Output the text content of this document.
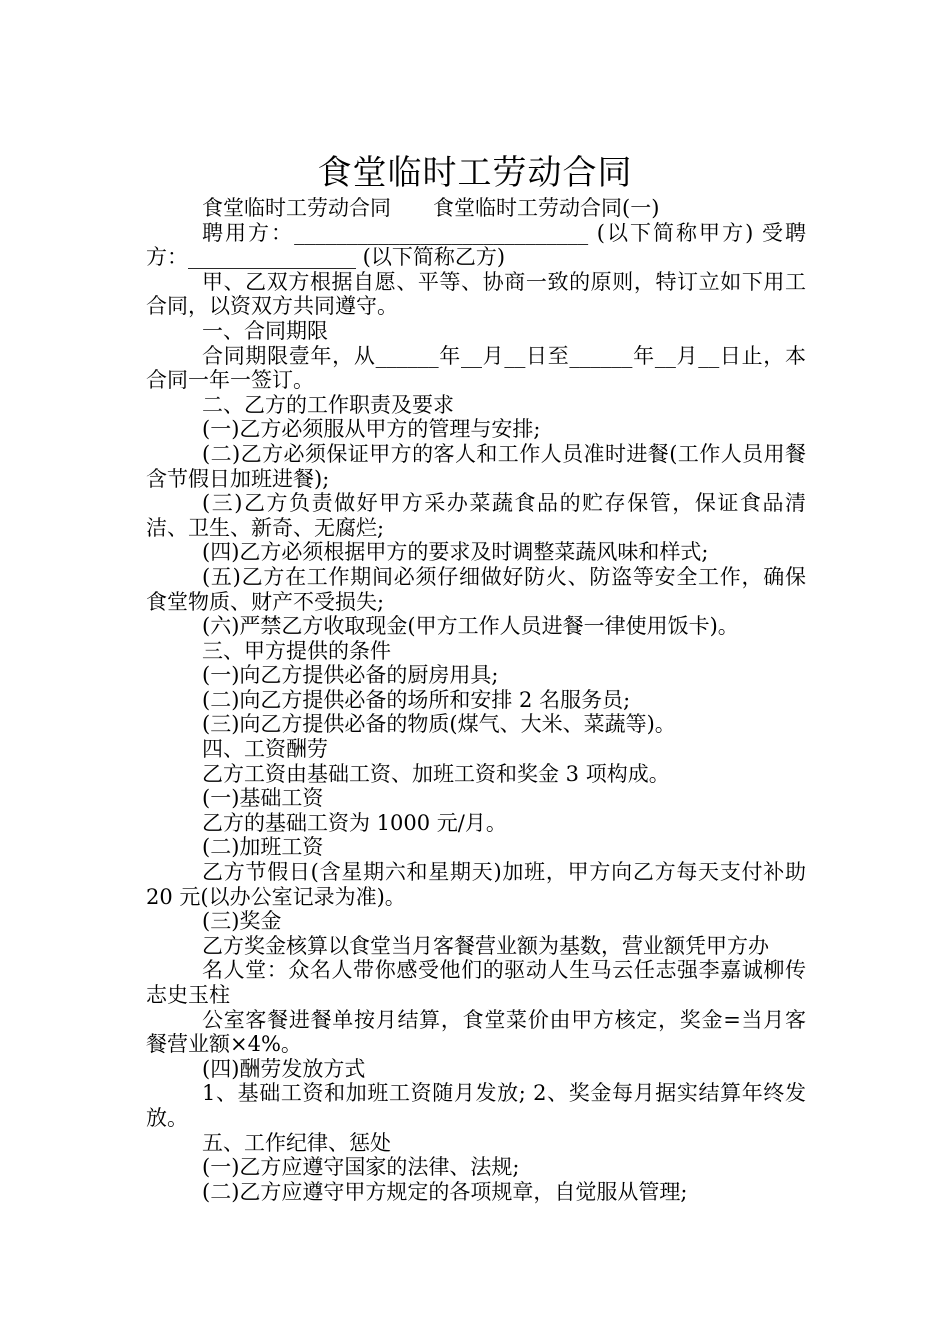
食堂临时工劳动合同

食堂临时工劳动合同　　食堂临时工劳动合同(一)

聘用方：____________________________ (以下简称甲方) 受聘方：________________ (以下简称乙方)

甲、乙双方根据自愿、平等、协商一致的原则，特订立如下用工合同，以资双方共同遵守。

一、合同期限

合同期限壹年，从______年__月__日至______年__月__日止，本合同一年一签订。

二、乙方的工作职责及要求

(一)乙方必须服从甲方的管理与安排;

(二)乙方必须保证甲方的客人和工作人员准时进餐(工作人员用餐含节假日加班进餐);

(三)乙方负责做好甲方采办菜蔬食品的贮存保管，保证食品清洁、卫生、新奇、无腐烂;

(四)乙方必须根据甲方的要求及时调整菜蔬风味和样式;

(五)乙方在工作期间必须仔细做好防火、防盗等安全工作，确保食堂物质、财产不受损失;

(六)严禁乙方收取现金(甲方工作人员进餐一律使用饭卡)。

三、甲方提供的条件

(一)向乙方提供必备的厨房用具;

(二)向乙方提供必备的场所和安排 2 名服务员;

(三)向乙方提供必备的物质(煤气、大米、菜蔬等)。

四、工资酬劳

乙方工资由基础工资、加班工资和奖金 3 项构成。

(一)基础工资

乙方的基础工资为 1000 元/月。

(二)加班工资

乙方节假日(含星期六和星期天)加班，甲方向乙方每天支付补助 20 元(以办公室记录为准)。

(三)奖金

乙方奖金核算以食堂当月客餐营业额为基数，营业额凭甲方办

名人堂：众名人带你感受他们的驱动人生马云任志强李嘉诚柳传志史玉柱

公室客餐进餐单按月结算，食堂菜价由甲方核定，奖金=当月客餐营业额×4%。

(四)酬劳发放方式

1、基础工资和加班工资随月发放; 2、奖金每月据实结算年终发放。

五、工作纪律、惩处

(一)乙方应遵守国家的法律、法规;

(二)乙方应遵守甲方规定的各项规章，自觉服从管理;
